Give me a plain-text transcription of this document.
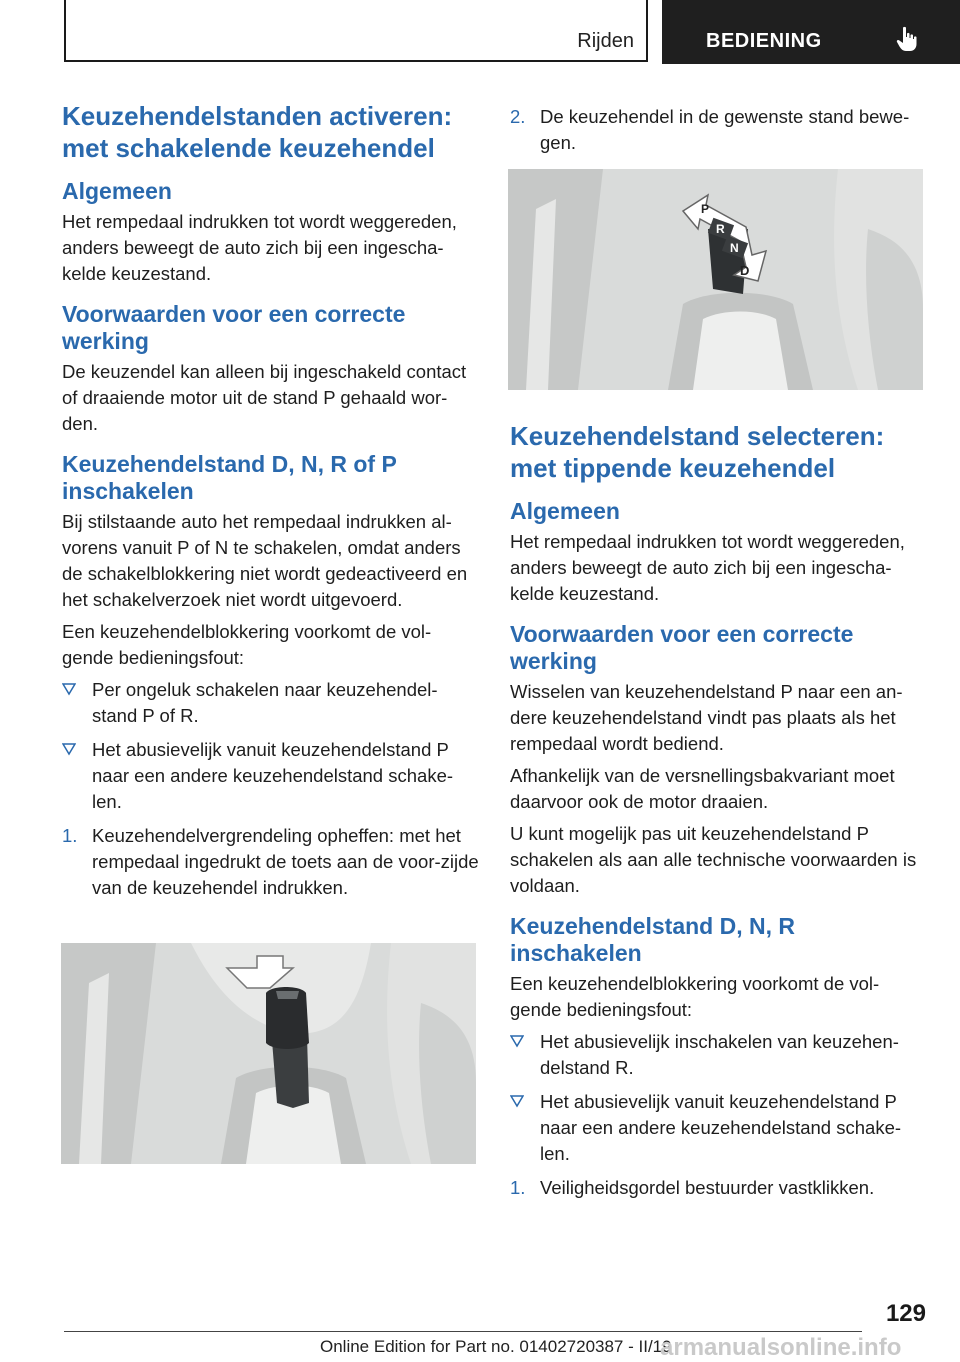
Rijden	BEDIENING
Keuzehendelstanden activeren: met schakelende keuzehendel
Algemeen

Het rempedaal indrukken tot wordt weggereden, anders beweegt de auto zich bij een ingescha-kelde keuzestand.

Voorwaarden voor een correcte werking

De keuzendel kan alleen bij ingeschakeld contact of draaiende motor uit de stand P gehaald wor-den.

Keuzehendelstand D, N, R of P inschakelen

Bij stilstaande auto het rempedaal indrukken al-vorens vanuit P of N te schakelen, omdat anders de schakelblokkering niet wordt gedeactiveerd en het schakelverzoek niet wordt uitgevoerd.

Een keuzehendelblokkering voorkomt de vol-gende bedieningsfout:

Per ongeluk schakelen naar keuzehendel-stand P of R.
Het abusievelijk vanuit keuzehendelstand P naar een andere keuzehendelstand schake-len.
1. Keuzehendelvergrendeling opheffen: met het rempedaal ingedrukt de toets aan de voor-zijde van de keuzehendel indrukken.
2. De keuzehendel in de gewenste stand bewe-gen.
P
R
N
D
Keuzehendelstand selecteren: met tippende keuzehendel
Algemeen

Het rempedaal indrukken tot wordt weggereden, anders beweegt de auto zich bij een ingescha-kelde keuzestand.

Voorwaarden voor een correcte werking

Wisselen van keuzehendelstand P naar een an-dere keuzehendelstand vindt pas plaats als het rempedaal wordt bediend.

Afhankelijk van de versnellingsbakvariant moet daarvoor ook de motor draaien.

U kunt mogelijk pas uit keuzehendelstand P schakelen als aan alle technische voorwaarden is voldaan.

Keuzehendelstand D, N, R inschakelen

Een keuzehendelblokkering voorkomt de vol-gende bedieningsfout:

Het abusievelijk inschakelen van keuzehen-delstand R.
Het abusievelijk vanuit keuzehendelstand P naar een andere keuzehendelstand schake-len.
1. Veiligheidsgordel bestuurder vastklikken.
129
Online Edition for Part no. 01402720387 - II/19
armanualsonline.info
